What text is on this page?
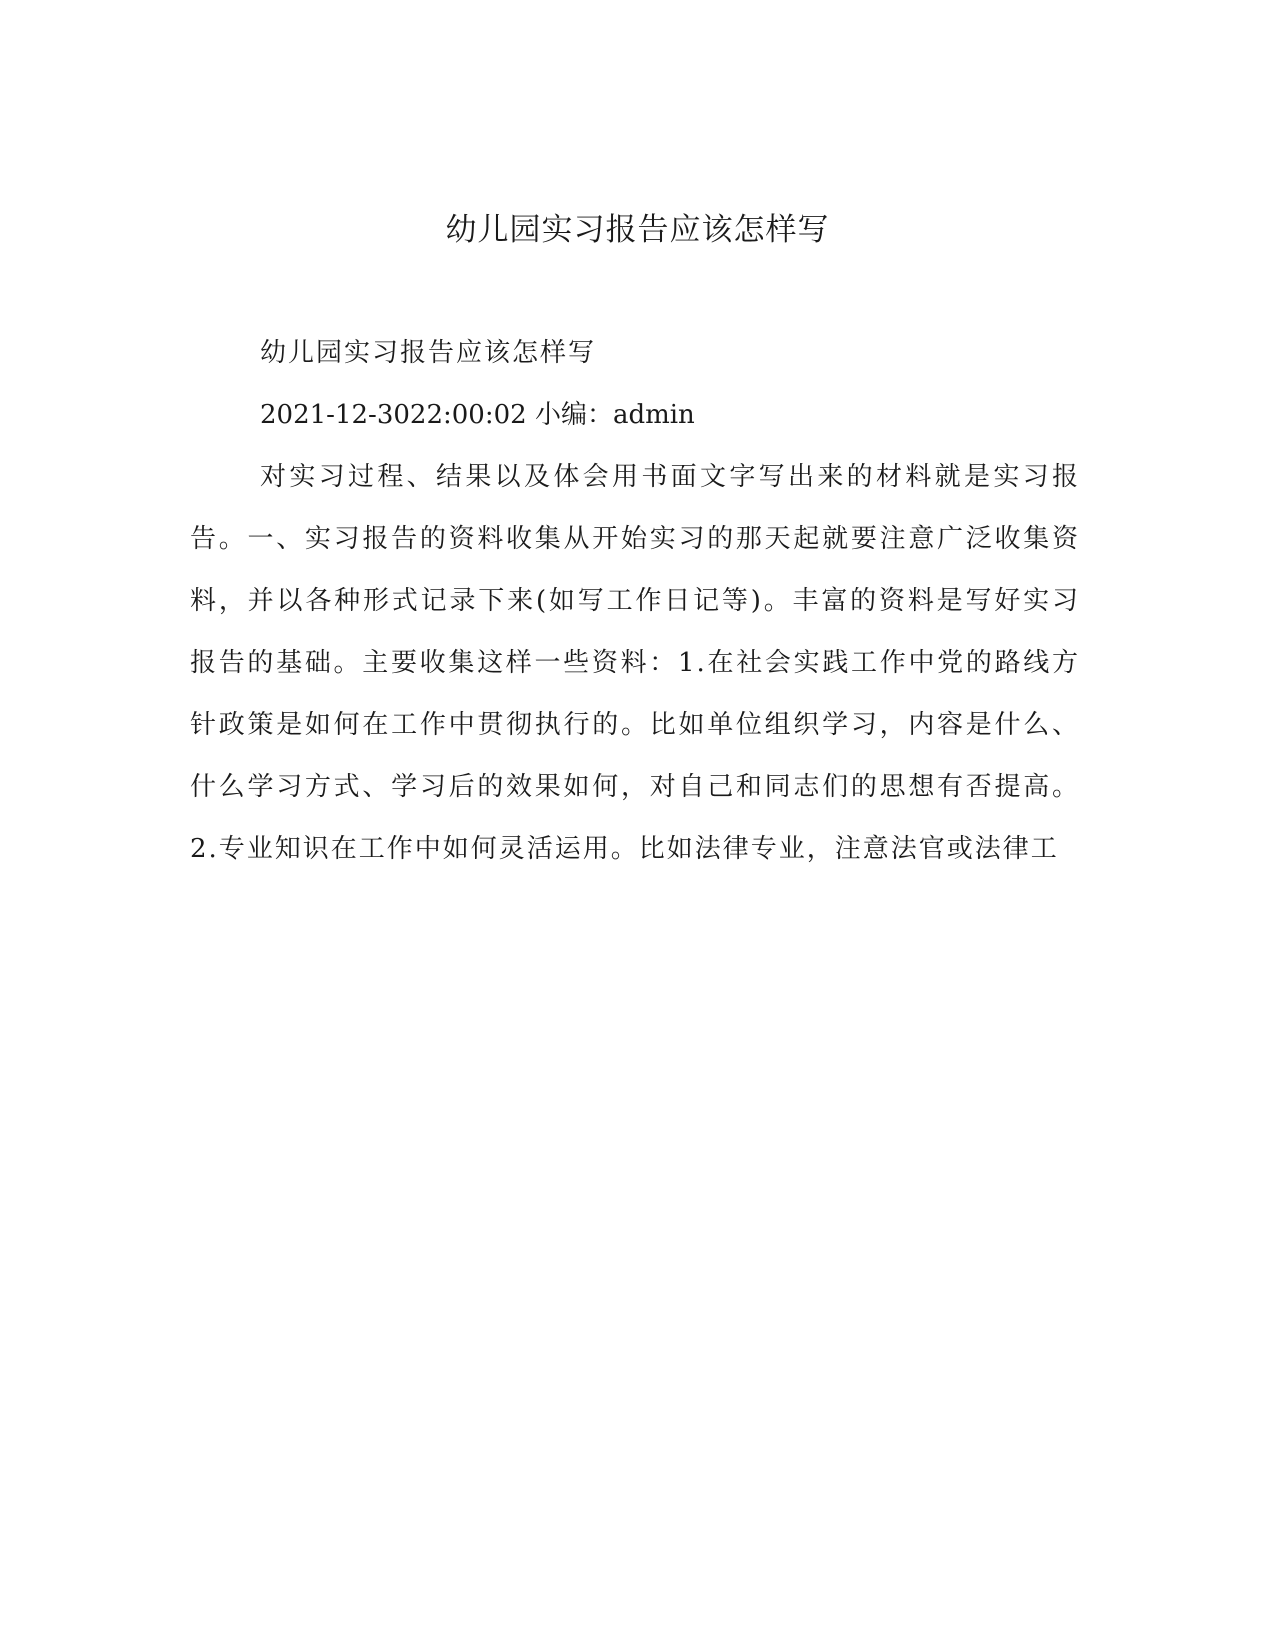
幼儿园实习报告应该怎样写

幼儿园实习报告应该怎样写

2021-12-3022:00:02 小编：admin

对实习过程、结果以及体会用书面文字写出来的材料就是实习报告。一、实习报告的资料收集从开始实习的那天起就要注意广泛收集资料，并以各种形式记录下来(如写工作日记等)。丰富的资料是写好实习报告的基础。主要收集这样一些资料：1.在社会实践工作中党的路线方针政策是如何在工作中贯彻执行的。比如单位组织学习，内容是什么、什么学习方式、学习后的效果如何，对自己和同志们的思想有否提高。2.专业知识在工作中如何灵活运用。比如法律专业，注意法官或法律工
